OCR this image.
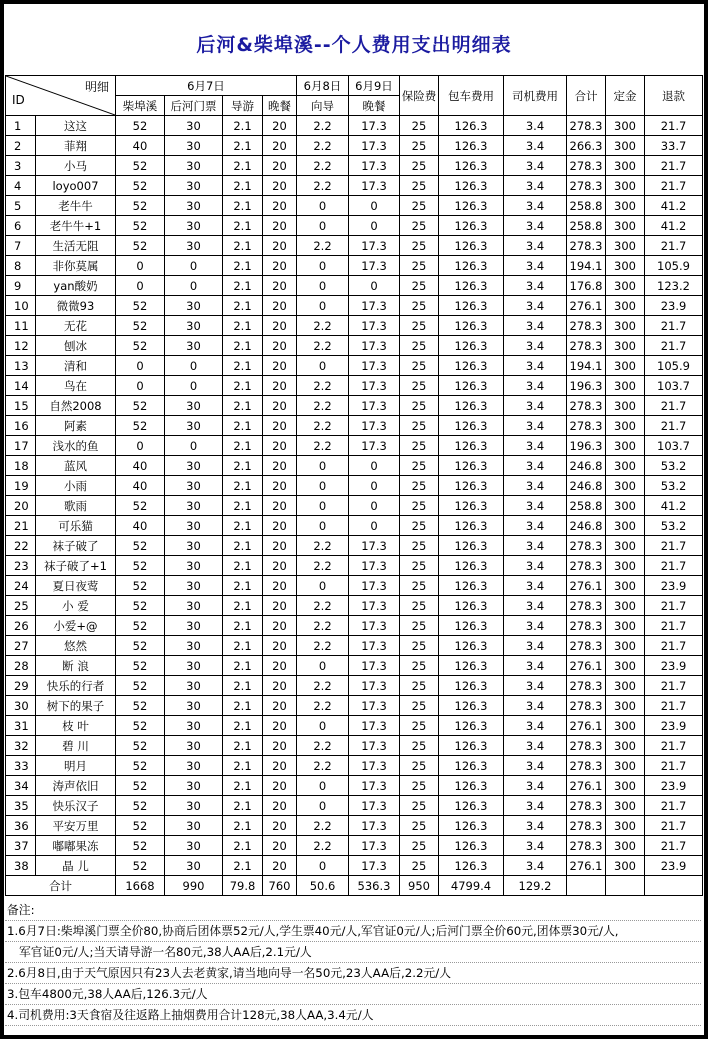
后河&柴埠溪--个人费用支出明细表
明细
ID		6月7日				6月8日	6月9日	保险费	包车费用	司机费用	合计	定金	退款
		柴埠溪	后河门票	导游	晚餐	向导	晚餐						
1	这这	52	30	2.1	20	2.2	17.3	25	126.3	3.4	278.3	300	21.7
2	菲翔	40	30	2.1	20	2.2	17.3	25	126.3	3.4	266.3	300	33.7
3	小马	52	30	2.1	20	2.2	17.3	25	126.3	3.4	278.3	300	21.7
4	loyo007	52	30	2.1	20	2.2	17.3	25	126.3	3.4	278.3	300	21.7
5	老牛牛	52	30	2.1	20	0	0	25	126.3	3.4	258.8	300	41.2
6	老牛牛+1	52	30	2.1	20	0	0	25	126.3	3.4	258.8	300	41.2
7	生活无阻	52	30	2.1	20	2.2	17.3	25	126.3	3.4	278.3	300	21.7
8	非你莫属	0	0	2.1	20	0	17.3	25	126.3	3.4	194.1	300	105.9
9	yan酸奶	0	0	2.1	20	0	0	25	126.3	3.4	176.8	300	123.2
10	微微93	52	30	2.1	20	0	17.3	25	126.3	3.4	276.1	300	23.9
11	无花	52	30	2.1	20	2.2	17.3	25	126.3	3.4	278.3	300	21.7
12	刨冰	52	30	2.1	20	2.2	17.3	25	126.3	3.4	278.3	300	21.7
13	清和	0	0	2.1	20	0	17.3	25	126.3	3.4	194.1	300	105.9
14	鸟在	0	0	2.1	20	2.2	17.3	25	126.3	3.4	196.3	300	103.7
15	自然2008	52	30	2.1	20	2.2	17.3	25	126.3	3.4	278.3	300	21.7
16	阿素	52	30	2.1	20	2.2	17.3	25	126.3	3.4	278.3	300	21.7
17	浅水的鱼	0	0	2.1	20	2.2	17.3	25	126.3	3.4	196.3	300	103.7
18	蓝风	40	30	2.1	20	0	0	25	126.3	3.4	246.8	300	53.2
19	小雨	40	30	2.1	20	0	0	25	126.3	3.4	246.8	300	53.2
20	歌雨	52	30	2.1	20	0	0	25	126.3	3.4	258.8	300	41.2
21	可乐猫	40	30	2.1	20	0	0	25	126.3	3.4	246.8	300	53.2
22	袜子破了	52	30	2.1	20	2.2	17.3	25	126.3	3.4	278.3	300	21.7
23	袜子破了+1	52	30	2.1	20	2.2	17.3	25	126.3	3.4	278.3	300	21.7
24	夏日夜莺	52	30	2.1	20	0	17.3	25	126.3	3.4	276.1	300	23.9
25	小 爱	52	30	2.1	20	2.2	17.3	25	126.3	3.4	278.3	300	21.7
26	小爱+@	52	30	2.1	20	2.2	17.3	25	126.3	3.4	278.3	300	21.7
27	悠然	52	30	2.1	20	2.2	17.3	25	126.3	3.4	278.3	300	21.7
28	断 浪	52	30	2.1	20	0	17.3	25	126.3	3.4	276.1	300	23.9
29	快乐的行者	52	30	2.1	20	2.2	17.3	25	126.3	3.4	278.3	300	21.7
30	树下的果子	52	30	2.1	20	2.2	17.3	25	126.3	3.4	278.3	300	21.7
31	枝 叶	52	30	2.1	20	0	17.3	25	126.3	3.4	276.1	300	23.9
32	碧 川	52	30	2.1	20	2.2	17.3	25	126.3	3.4	278.3	300	21.7
33	明月	52	30	2.1	20	2.2	17.3	25	126.3	3.4	278.3	300	21.7
34	涛声依旧	52	30	2.1	20	0	17.3	25	126.3	3.4	276.1	300	23.9
35	快乐汉子	52	30	2.1	20	0	17.3	25	126.3	3.4	278.3	300	21.7
36	平安万里	52	30	2.1	20	2.2	17.3	25	126.3	3.4	278.3	300	21.7
37	嘟嘟果冻	52	30	2.1	20	2.2	17.3	25	126.3	3.4	278.3	300	21.7
38	晶 儿	52	30	2.1	20	0	17.3	25	126.3	3.4	276.1	300	23.9
合计		1668	990	79.8	760	50.6	536.3	950	4799.4	129.2			
备注:
1.6月7日:柴埠溪门票全价80,协商后团体票52元/人,学生票40元/人,军官证0元/人;后河门票全价60元,团体票30元/人,
军官证0元/人;当天请导游一名80元,38人AA后,2.1元/人
2.6月8日,由于天气原因只有23人去老黄家,请当地向导一名50元,23人AA后,2.2元/人
3.包车4800元,38人AA后,126.3元/人
4.司机费用:3天食宿及往返路上抽烟费用合计128元,38人AA,3.4元/人
